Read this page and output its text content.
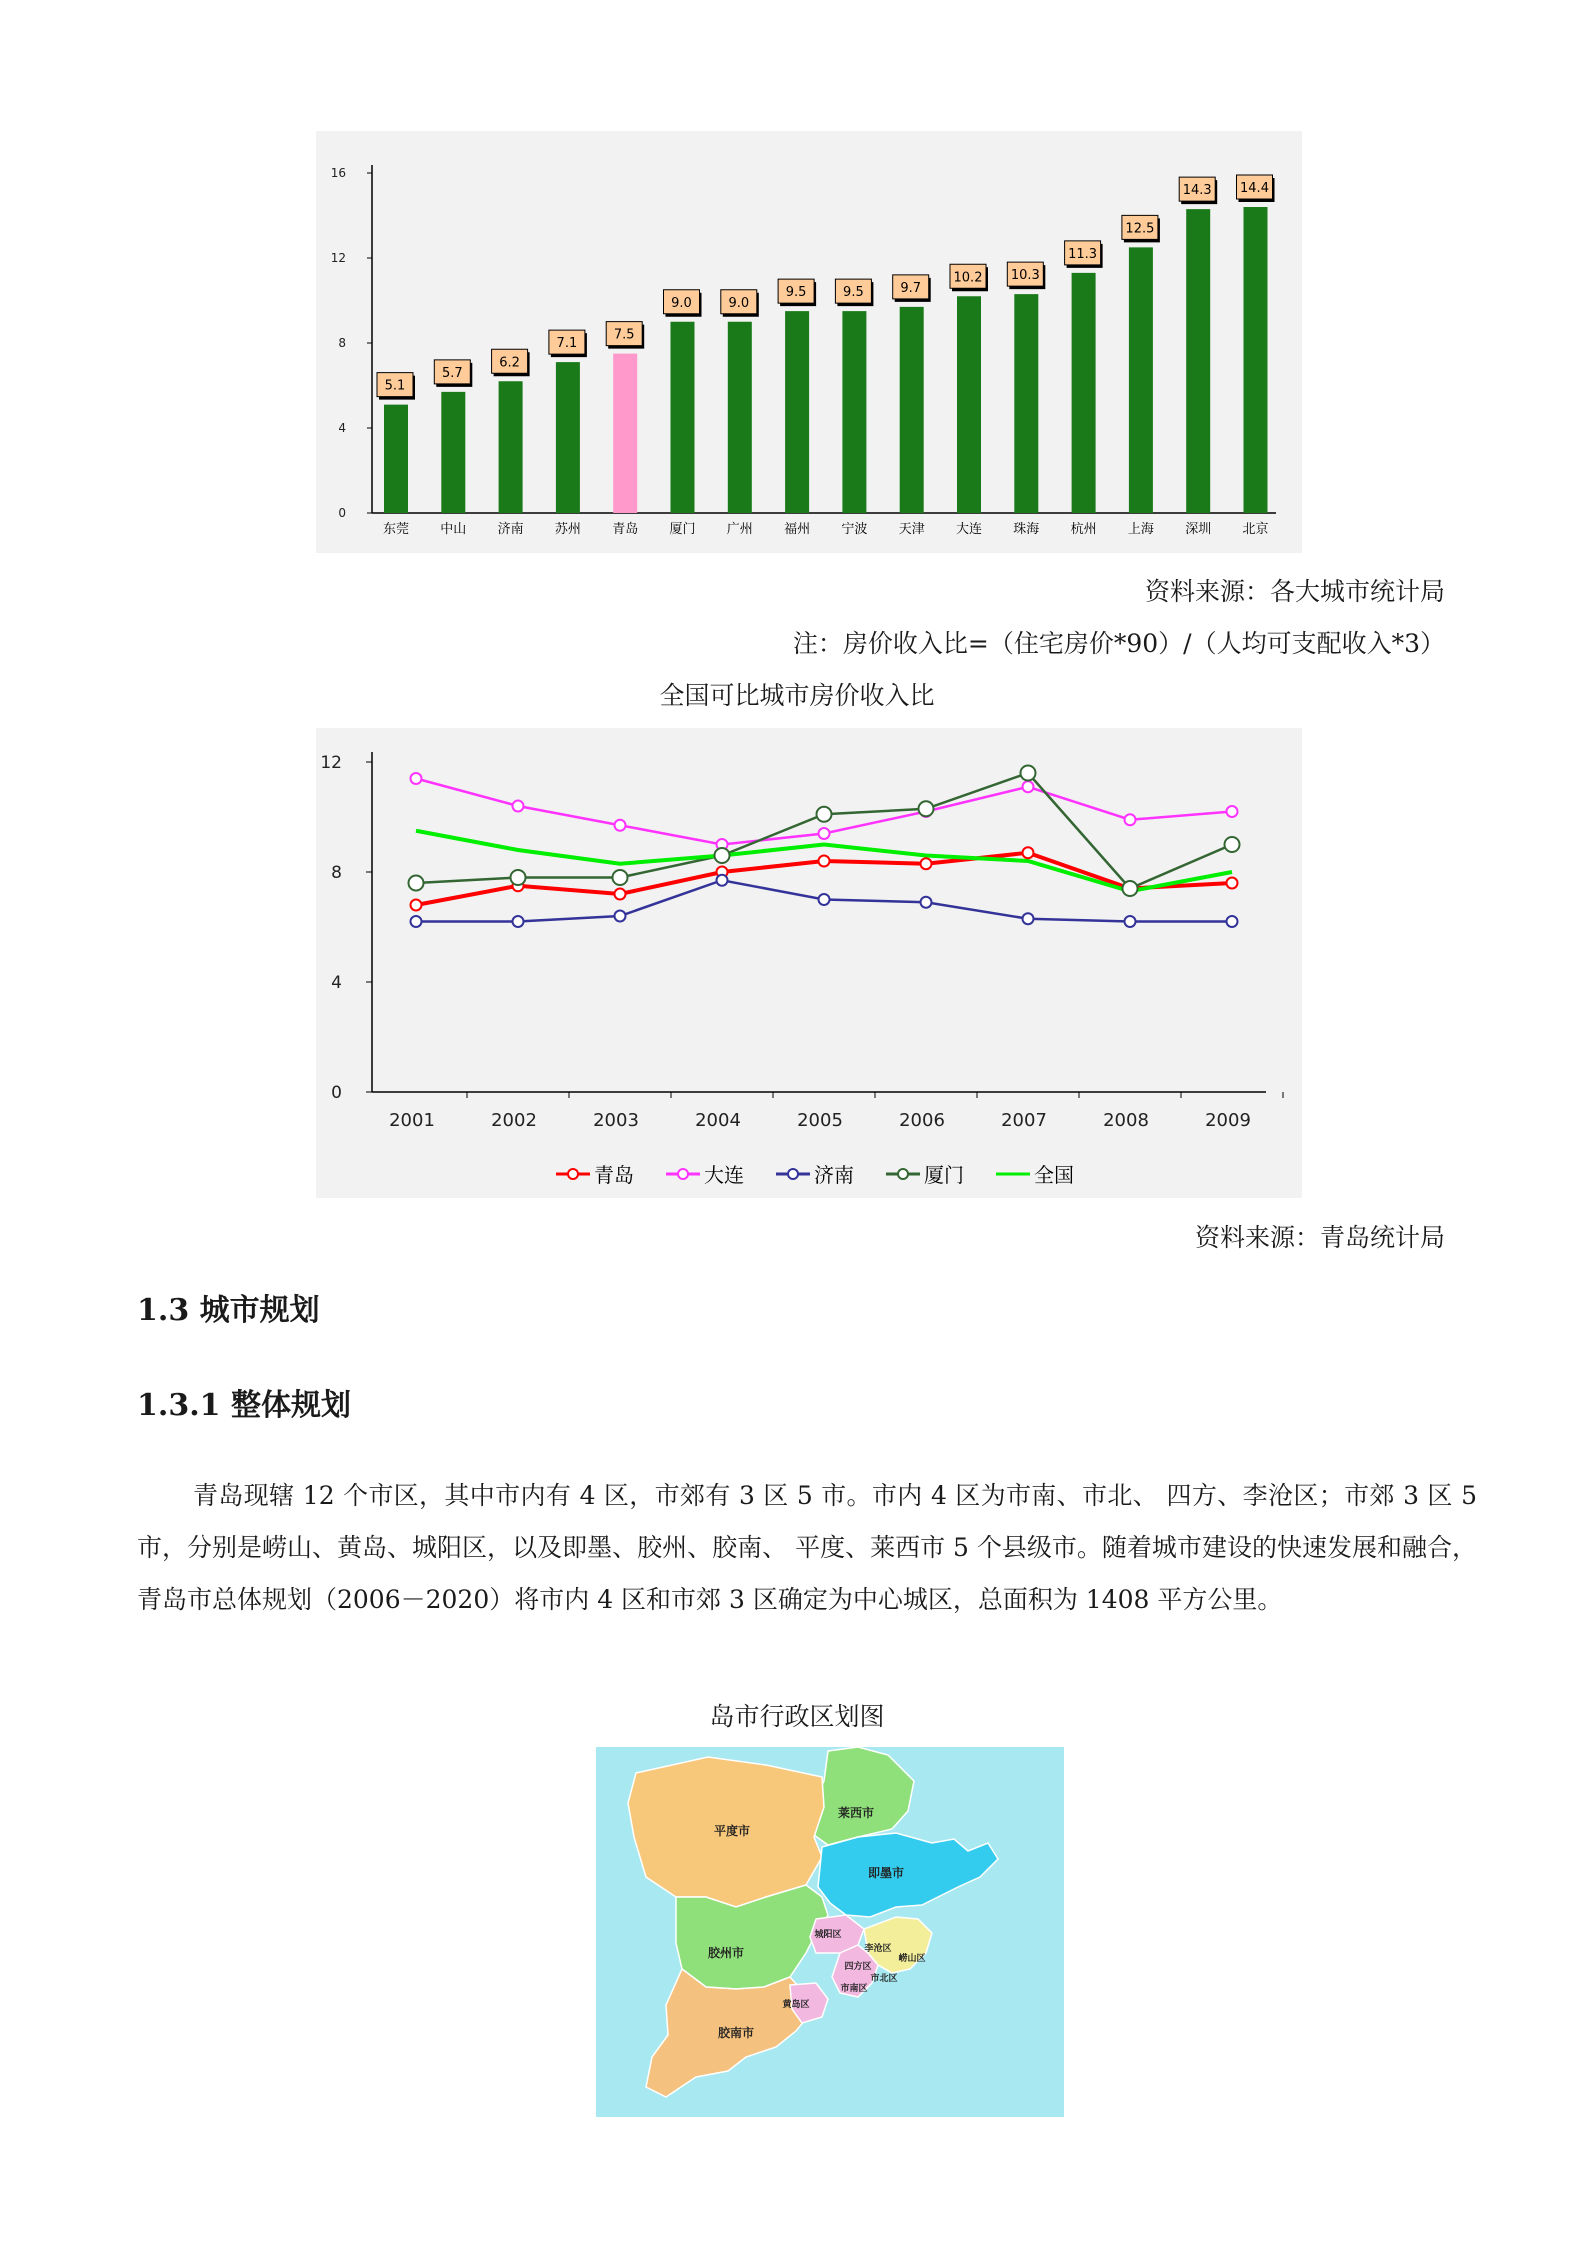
0
4
8
12
16
5.1
东莞
5.7
中山
6.2
济南
7.1
苏州
7.5
青岛
9.0
厦门
9.0
广州
9.5
福州
9.5
宁波
9.7
天津
10.2
大连
10.3
珠海
11.3
杭州
12.5
上海
14.3
深圳
14.4
北京
资料来源：各大城市统计局
注：房价收入比=（住宅房价*90）/（人均可支配收入*3）
全国可比城市房价收入比
0
4
8
12
2001	2002	2003	2004	2005	2006	2007	2008	2009
青岛	大连	济南	厦门	全国
资料来源：青岛统计局
1.3 城市规划
1.3.1 整体规划
青岛现辖 12 个市区，其中市内有 4 区，市郊有 3 区 5 市。市内 4 区为市南、市北、 四方、李沧区；市郊 3 区 5 市，分别是崂山、黄岛、城阳区，以及即墨、胶州、胶南、 平度、莱西市 5 个县级市。随着城市建设的快速发展和融合，青岛市总体规划（2006－2020）将市内 4 区和市郊 3 区确定为中心城区，总面积为 1408 平方公里。
岛市行政区划图
平度市
莱西市
即墨市
胶州市
城阳区
李沧区
四方区
崂山区
市北区
市南区
黄岛区
胶南市
